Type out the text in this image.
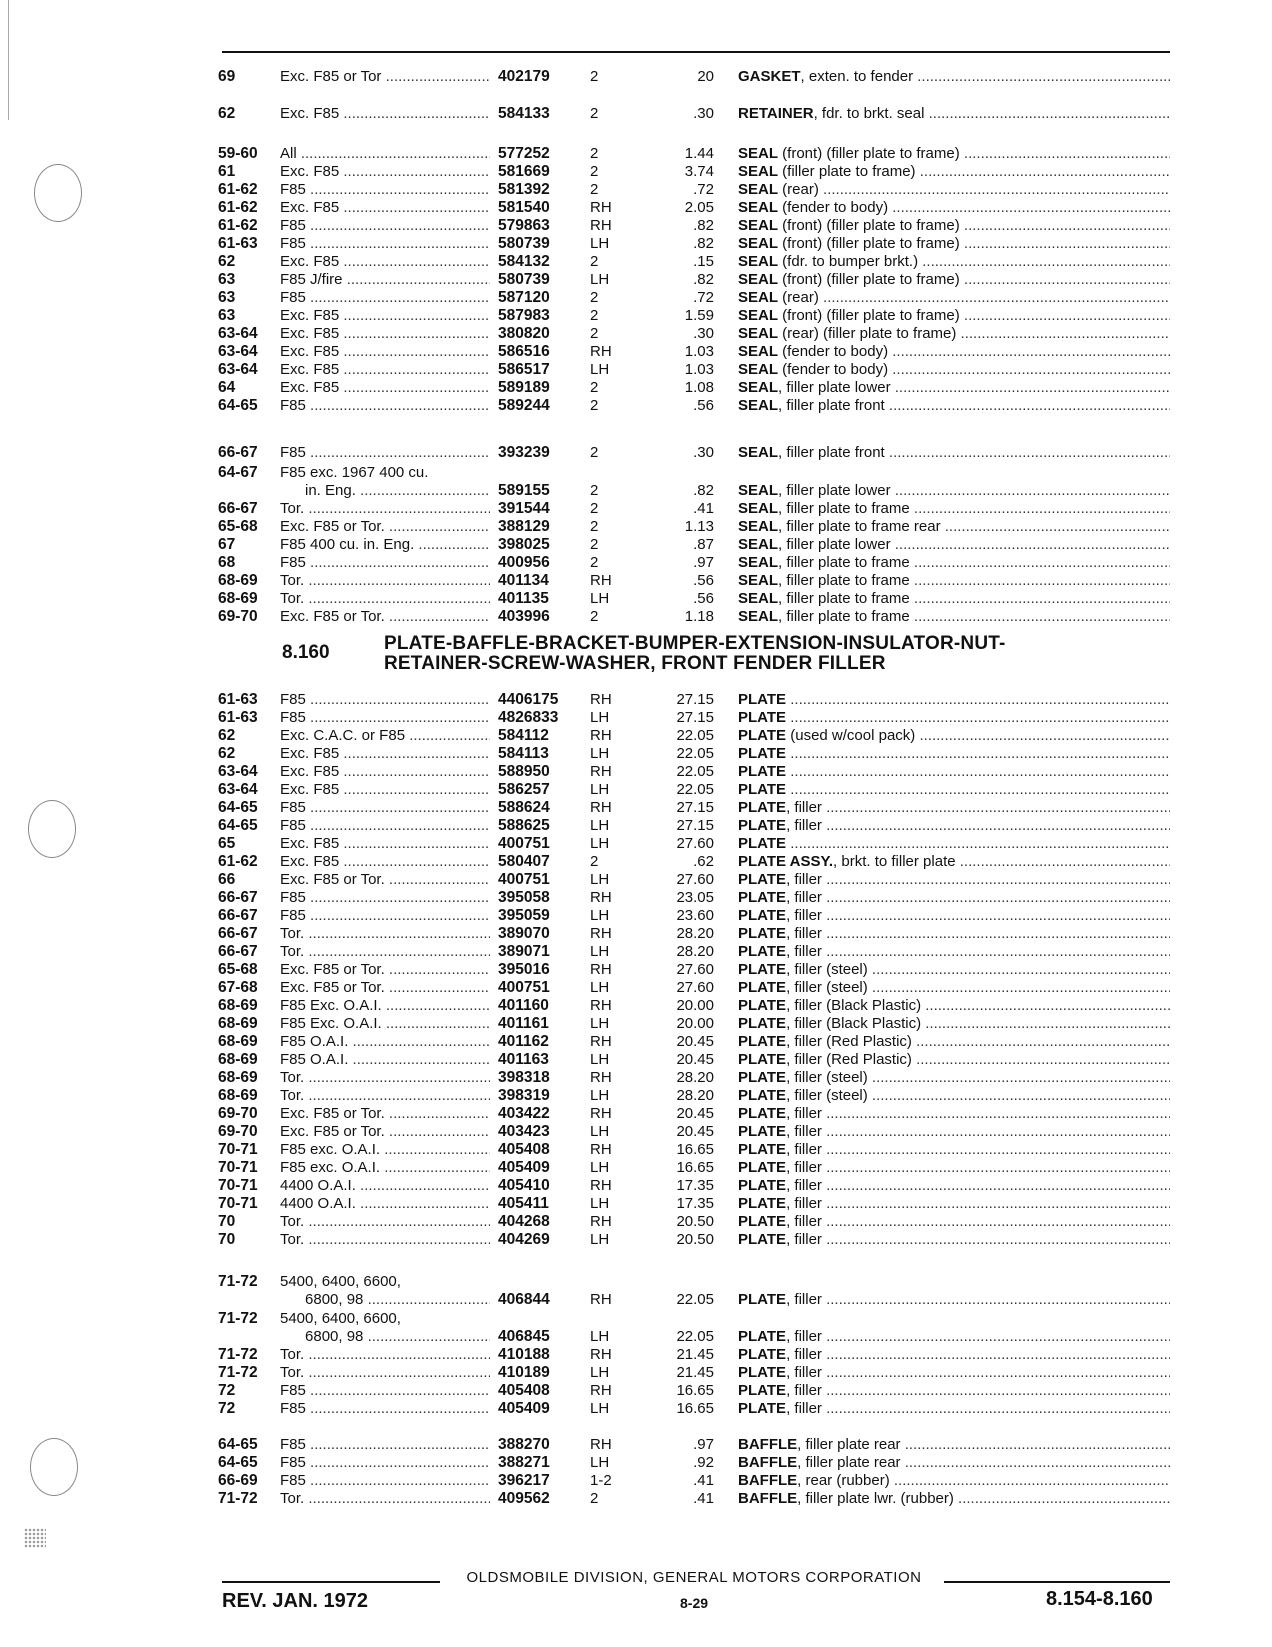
69	Exc. F85 or Tor .....	402179	2	20 GASKET, exten. to fender .....
62	Exc. F85 .....	584133	2	.30 RETAINER, fdr. to brkt. seal .....
59-60	All .....	577252	2	1.44 SEAL (front) (filler plate to frame) .....
61	Exc. F85 .....	581669	2	3.74 SEAL (filler plate to frame) .....
61-62	F85 .....	581392	2	.72 SEAL (rear) .....
61-62	Exc. F85 .....	581540	RH	2.05 SEAL (fender to body) .....
61-62	F85 .....	579863	RH	.82 SEAL (front) (filler plate to frame) .....
61-63	F85 .....	580739	LH	.82 SEAL (front) (filler plate to frame) .....
62	Exc. F85 .....	584132	2	.15 SEAL (fdr. to bumper brkt.) .....
63	F85 J/fire .....	580739	LH	.82 SEAL (front) (filler plate to frame) .....
63	F85 .....	587120	2	.72 SEAL (rear) .....
63	Exc. F85 .....	587983	2	1.59 SEAL (front) (filler plate to frame) .....
63-64	Exc. F85 .....	380820	2	.30 SEAL (rear) (filler plate to frame) .....
63-64	Exc. F85 .....	586516	RH	1.03 SEAL (fender to body) .....
63-64	Exc. F85 .....	586517	LH	1.03 SEAL (fender to body) .....
64	Exc. F85 .....	589189	2	1.08 SEAL, filler plate lower .....
64-65	F85 .....	589244	2	.56 SEAL, filler plate front .....
66-67	F85 .....	393239	2	.30 SEAL, filler plate front .....
64-67	F85 exc. 1967 400 cu.
in. Eng. .....	589155	2	.82 SEAL, filler plate lower .....
66-67	Tor. .....	391544	2	.41 SEAL, filler plate to frame .....
65-68	Exc. F85 or Tor. .....	388129	2	1.13 SEAL, filler plate to frame rear .....
67	F85 400 cu. in. Eng. .....	398025	2	.87 SEAL, filler plate lower .....
68	F85 .....	400956	2	.97 SEAL, filler plate to frame .....
68-69	Tor. .....	401134	RH	.56 SEAL, filler plate to frame .....
68-69	Tor. .....	401135	LH	.56 SEAL, filler plate to frame .....
69-70	Exc. F85 or Tor. .....	403996	2	1.18 SEAL, filler plate to frame .....
61-63	F85 .....	4406175	RH	27.15 PLATE .....
61-63	F85 .....	4826833	LH	27.15 PLATE .....
62	Exc. C.A.C. or F85 .....	584112	RH	22.05 PLATE (used w/cool pack) .....
62	Exc. F85 .....	584113	LH	22.05 PLATE .....
63-64	Exc. F85 .....	588950	RH	22.05 PLATE .....
63-64	Exc. F85 .....	586257	LH	22.05 PLATE .....
64-65	F85 .....	588624	RH	27.15 PLATE, filler .....
64-65	F85 .....	588625	LH	27.15 PLATE, filler .....
65	Exc. F85 .....	400751	LH	27.60 PLATE .....
61-62	Exc. F85 .....	580407	2	.62 PLATE ASSY., brkt. to filler plate .....
66	Exc. F85 or Tor. .....	400751	LH	27.60 PLATE, filler .....
66-67	F85 .....	395058	RH	23.05 PLATE, filler .....
66-67	F85 .....	395059	LH	23.60 PLATE, filler .....
66-67	Tor. .....	389070	RH	28.20 PLATE, filler .....
66-67	Tor. .....	389071	LH	28.20 PLATE, filler .....
65-68	Exc. F85 or Tor. .....	395016	RH	27.60 PLATE, filler (steel) .....
67-68	Exc. F85 or Tor. .....	400751	LH	27.60 PLATE, filler (steel) .....
68-69	F85 Exc. O.A.I. .....	401160	RH	20.00 PLATE, filler (Black Plastic) .....
68-69	F85 Exc. O.A.I. .....	401161	LH	20.00 PLATE, filler (Black Plastic) .....
68-69	F85 O.A.I. .....	401162	RH	20.45 PLATE, filler (Red Plastic) .....
68-69	F85 O.A.I. .....	401163	LH	20.45 PLATE, filler (Red Plastic) .....
68-69	Tor. .....	398318	RH	28.20 PLATE, filler (steel) .....
68-69	Tor. .....	398319	LH	28.20 PLATE, filler (steel) .....
69-70	Exc. F85 or Tor. .....	403422	RH	20.45 PLATE, filler .....
69-70	Exc. F85 or Tor. .....	403423	LH	20.45 PLATE, filler .....
70-71	F85 exc. O.A.I. .....	405408	RH	16.65 PLATE, filler .....
70-71	F85 exc. O.A.I. .....	405409	LH	16.65 PLATE, filler .....
70-71	4400 O.A.I. .....	405410	RH	17.35 PLATE, filler .....
70-71	4400 O.A.I. .....	405411	LH	17.35 PLATE, filler .....
70	Tor. .....	404268	RH	20.50 PLATE, filler .....
70	Tor. .....	404269	LH	20.50 PLATE, filler .....
71-72	5400, 6400, 6600,
6800, 98 .....	406844	RH	22.05 PLATE, filler .....
71-72	5400, 6400, 6600,
6800, 98 .....	406845	LH	22.05 PLATE, filler .....
71-72	Tor. .....	410188	RH	21.45 PLATE, filler .....
71-72	Tor. .....	410189	LH	21.45 PLATE, filler .....
72	F85 .....	405408	RH	16.65 PLATE, filler .....
72	F85 .....	405409	LH	16.65 PLATE, filler .....
64-65	F85 .....	388270	RH	.97 BAFFLE, filler plate rear .....
64-65	F85 .....	388271	LH	.92 BAFFLE, filler plate rear .....
66-69	F85 .....	396217	1-2	.41 BAFFLE, rear (rubber) .....
71-72	Tor. .....	409562	2	.41 BAFFLE, filler plate lwr. (rubber) .....
8.160	PLATE-BAFFLE-BRACKET-BUMPER-EXTENSION-INSULATOR-NUT-
RETAINER-SCREW-WASHER, FRONT FENDER FILLER
OLDSMOBILE DIVISION, GENERAL MOTORS CORPORATION
REV. JAN. 1972	8-29	8.154-8.160
